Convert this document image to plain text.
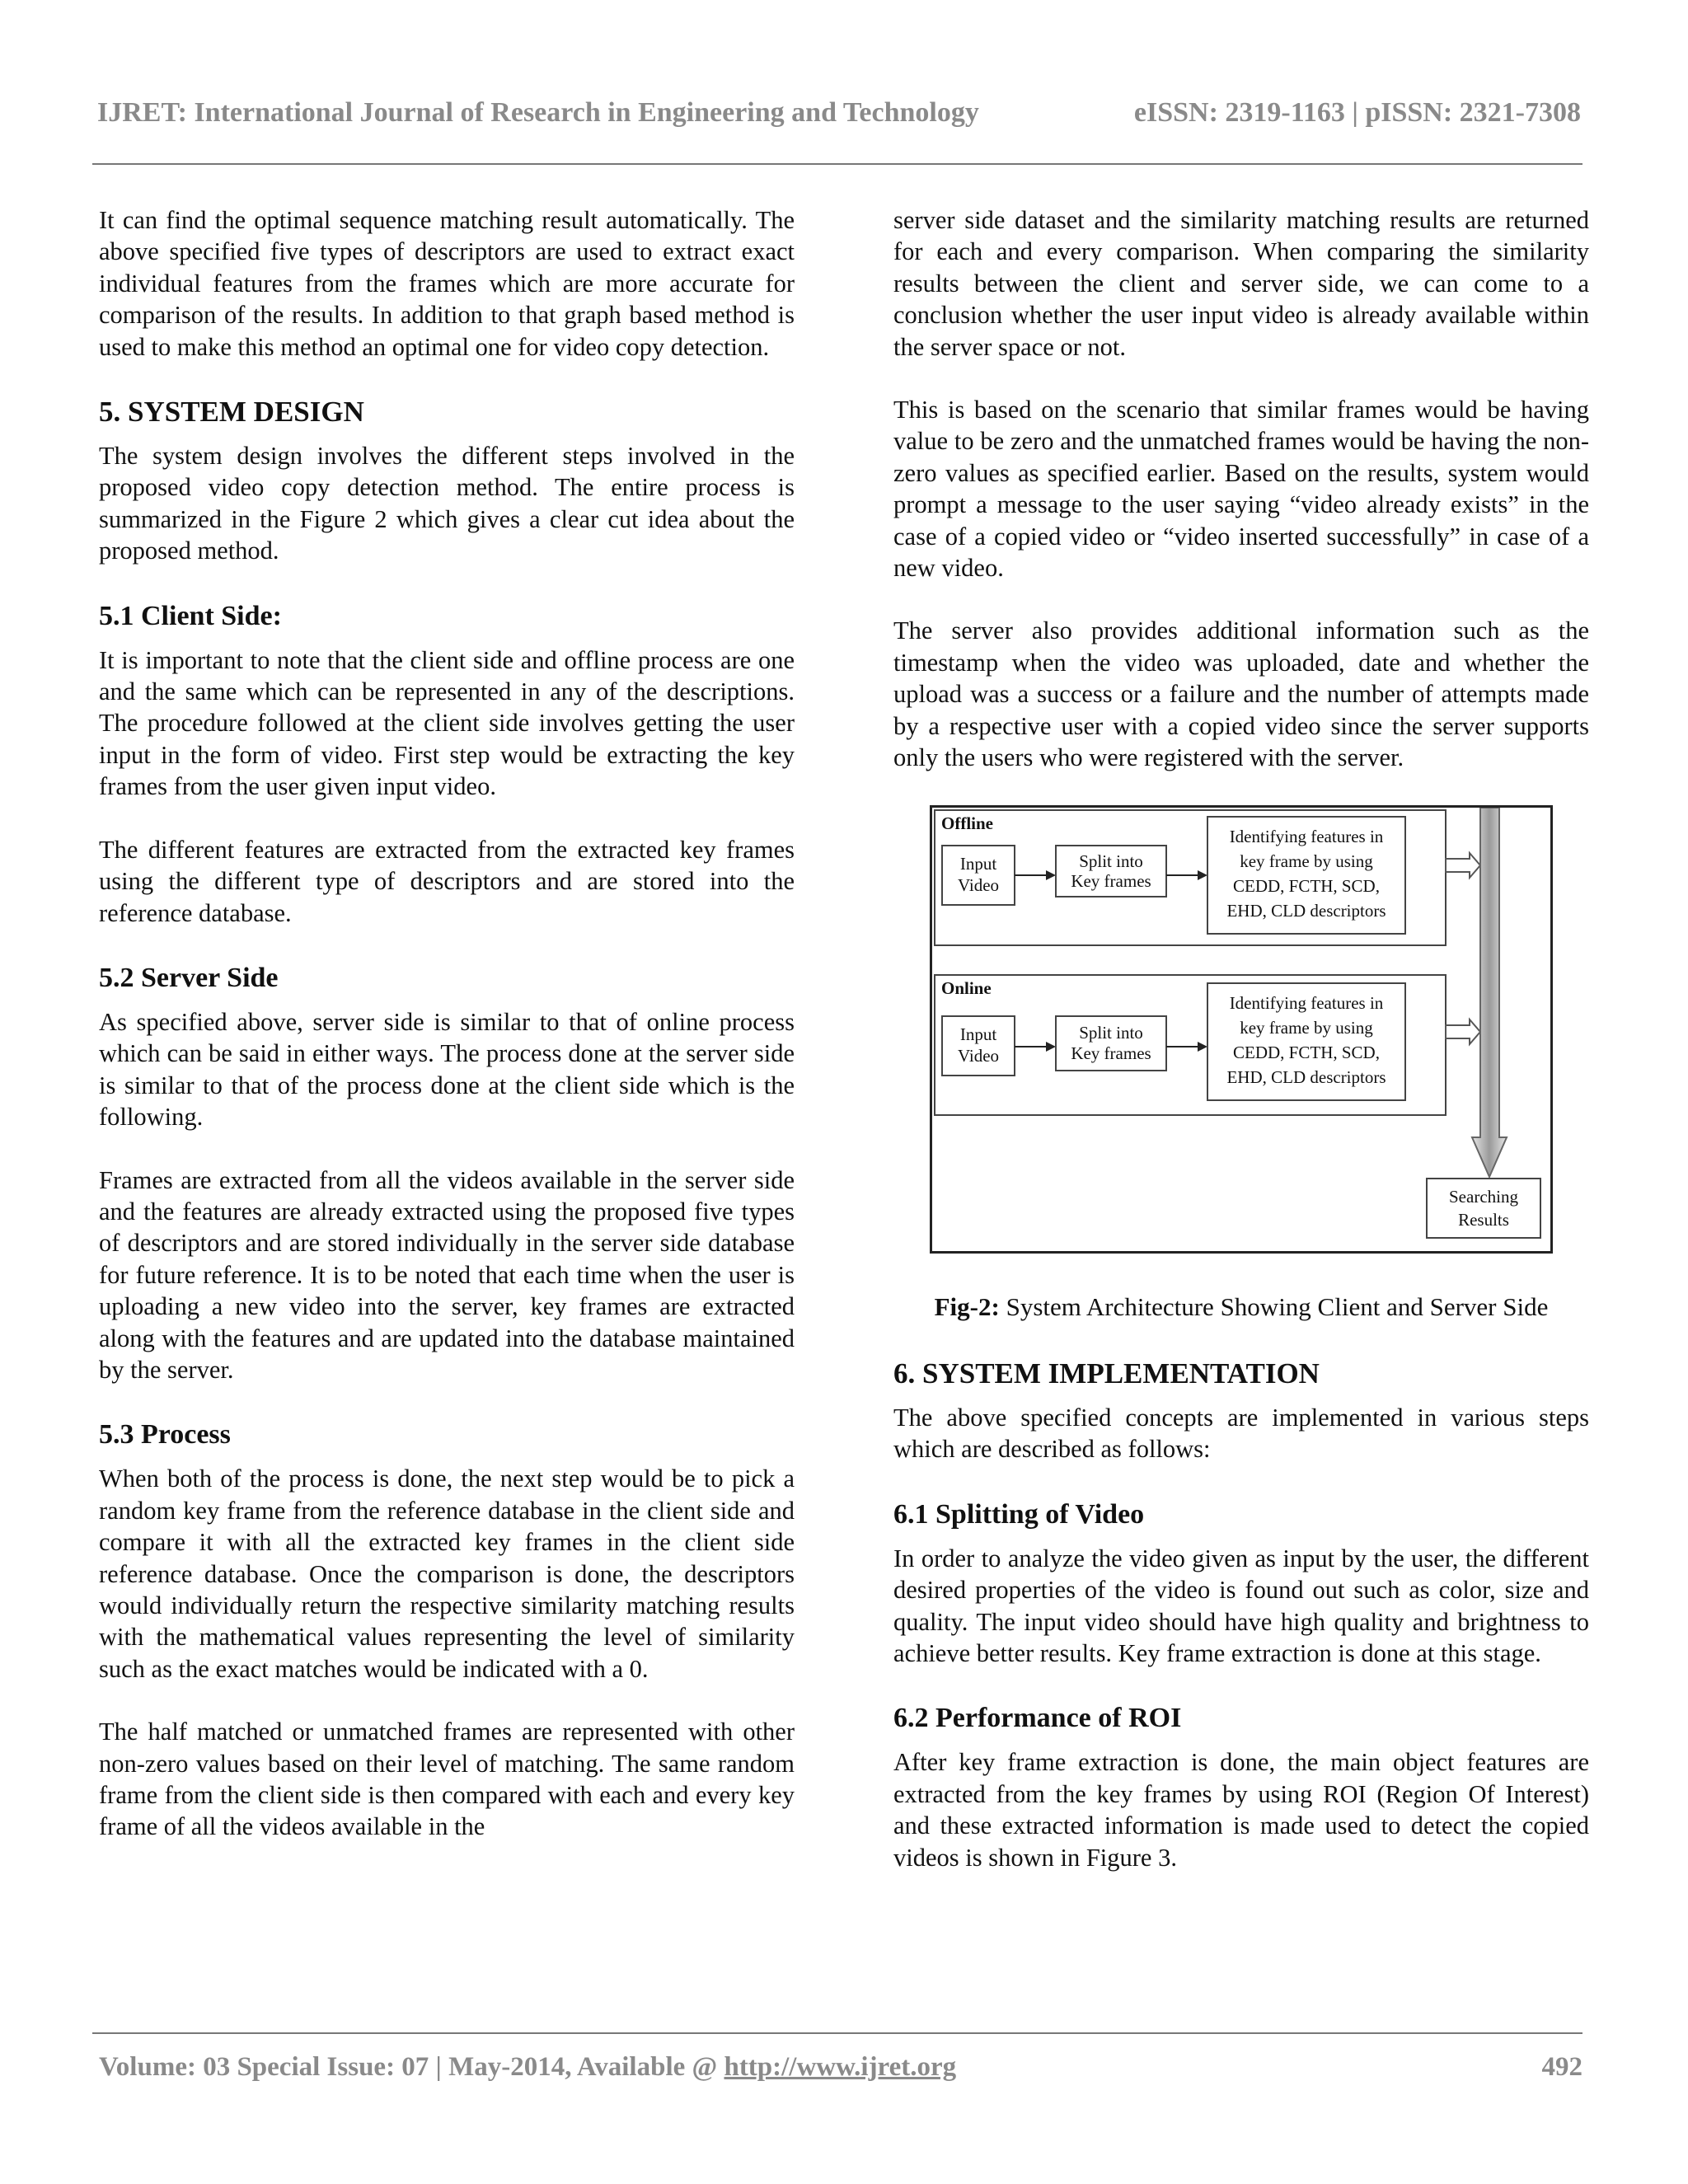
IJRET: International Journal of Research in Engineering and Technology	eISSN: 2319-1163 | pISSN: 2321-7308

It can find the optimal sequence matching result automatically. The above specified five types of descriptors are used to extract exact individual features from the frames which are more accurate for comparison of the results. In addition to that graph based method is used to make this method an optimal one for video copy detection.

5. SYSTEM DESIGN

The system design involves the different steps involved in the proposed video copy detection method. The entire process is summarized in the Figure 2 which gives a clear cut idea about the proposed method.

5.1 Client Side:

It is important to note that the client side and offline process are one and the same which can be represented in any of the descriptions. The procedure followed at the client side involves getting the user input in the form of video. First step would be extracting the key frames from the user given input video.

The different features are extracted from the extracted key frames using the different type of descriptors and are stored into the reference database.

5.2 Server Side

As specified above, server side is similar to that of online process which can be said in either ways. The process done at the server side is similar to that of the process done at the client side which is the following.

Frames are extracted from all the videos available in the server side and the features are already extracted using the proposed five types of descriptors and are stored individually in the server side database for future reference. It is to be noted that each time when the user is uploading a new video into the server, key frames are extracted along with the features and are updated into the database maintained by the server.

5.3 Process

When both of the process is done, the next step would be to pick a random key frame from the reference database in the client side and compare it with all the extracted key frames in the client side reference database. Once the comparison is done, the descriptors would individually return the respective similarity matching results with the mathematical values representing the level of similarity such as the exact matches would be indicated with a 0.

The half matched or unmatched frames are represented with other non-zero values based on their level of matching. The same random frame from the client side is then compared with each and every key frame of all the videos available in the

server side dataset and the similarity matching results are returned for each and every comparison. When comparing the similarity results between the client and server side, we can come to a conclusion whether the user input video is already available within the server space or not.

This is based on the scenario that similar frames would be having value to be zero and the unmatched frames would be having the non-zero values as specified earlier. Based on the results, system would prompt a message to the user saying “video already exists” in the case of a copied video or “video inserted successfully” in case of a new video.

The server also provides additional information such as the timestamp when the video was uploaded, date and whether the upload was a success or a failure and the number of attempts made by a respective user with a copied video since the server supports only the users who were registered with the server.

Offline
Input
Video
Split into
Key frames
Identifying features in
key frame by using
CEDD, FCTH, SCD,
EHD, CLD descriptors
Online
Input
Video
Split into
Key frames
Identifying features in
key frame by using
CEDD, FCTH, SCD,
EHD, CLD descriptors
Searching
Results
Fig-2: System Architecture Showing Client and Server Side
6. SYSTEM IMPLEMENTATION

The above specified concepts are implemented in various steps which are described as follows:

6.1 Splitting of Video

In order to analyze the video given as input by the user, the different desired properties of the video is found out such as color, size and quality. The input video should have high quality and brightness to achieve better results. Key frame extraction is done at this stage.

6.2 Performance of ROI

After key frame extraction is done, the main object features are extracted from the key frames by using ROI (Region Of Interest) and these extracted information is made used to detect the copied videos is shown in Figure 3.

Volume: 03 Special Issue: 07 | May-2014, Available @ http://www.ijret.org	492
